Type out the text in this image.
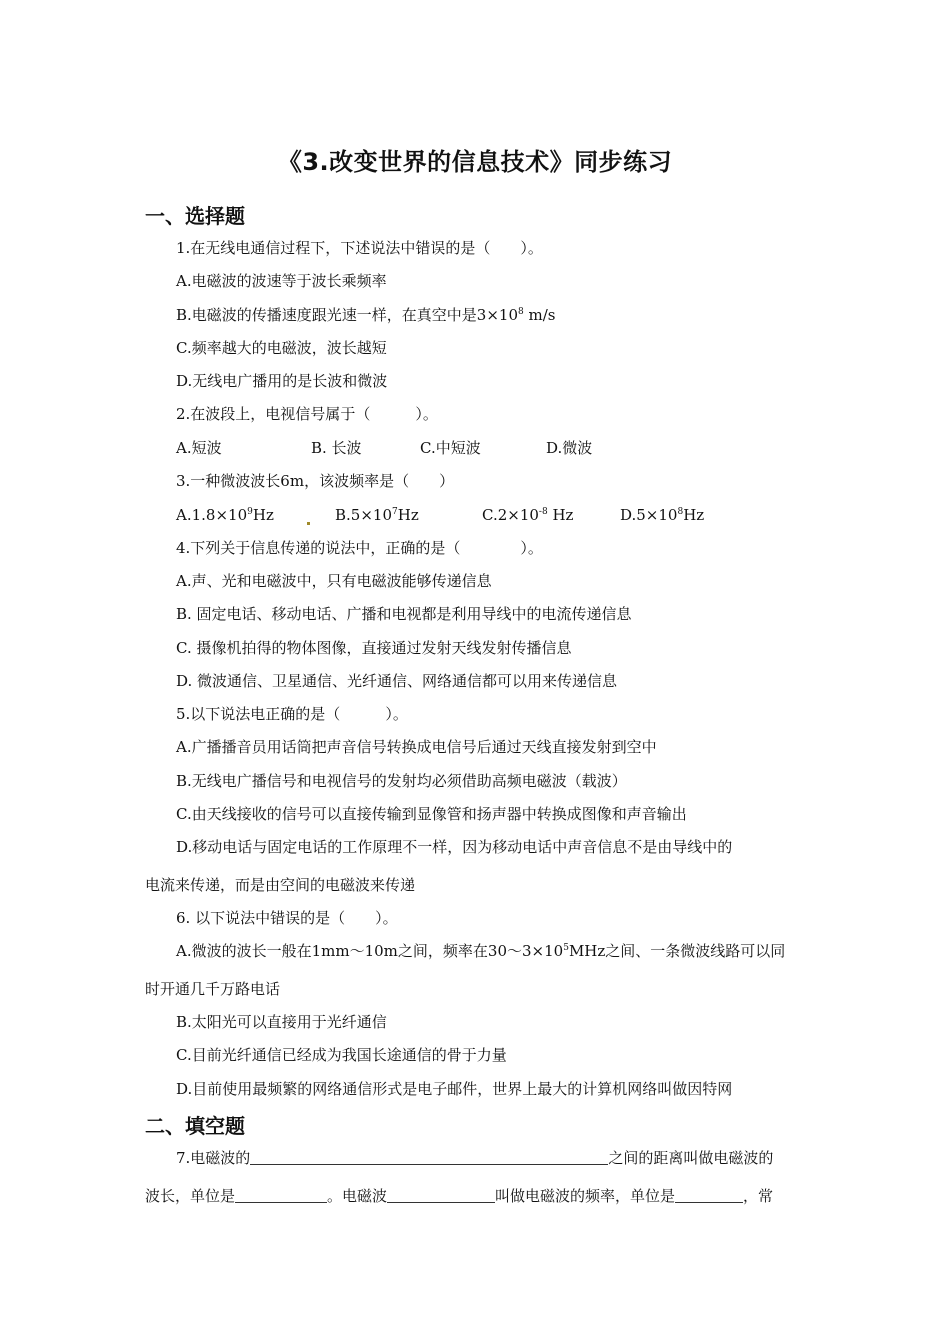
《3.改变世界的信息技术》同步练习
一、选择题
1.在无线电通信过程下，下述说法中错误的是（　　）。
A.电磁波的波速等于波长乘频率
B.电磁波的传播速度跟光速一样，在真空中是$3\times 10^8$ m/s
C.频率越大的电磁波，波长越短
D.无线电广播用的是长波和微波
2.在波段上，电视信号属于（　　　）。
A.短波	B. 长波	C.中短波	D.微波
3.一种微波波长6m，该波频率是（　　）
$A.1.8\times 10^9Hz$	$B.5\times 10^7Hz$	$C.2\times 10^{-8}$ Hz	$D.5\times 10^8Hz$
4.下列关于信息传递的说法中，正确的是（　　　　）。
A.声、光和电磁波中，只有电磁波能够传递信息
B. 固定电话、移动电话、广播和电视都是利用导线中的电流传递信息
C. 摄像机拍得的物体图像，直接通过发射天线发射传播信息
D. 微波通信、卫星通信、光纤通信、网络通信都可以用来传递信息
5.以下说法电正确的是（　　　）。
A.广播播音员用话筒把声音信号转换成电信号后通过天线直接发射到空中
B.无线电广播信号和电视信号的发射均必须借助高频电磁波（载波）
C.由天线接收的信号可以直接传输到显像管和扬声器中转换成图像和声音输出
D.移动电话与固定电话的工作原理不一样，因为移动电话中声音信息不是由导线中的
电流来传递，而是由空间的电磁波来传递
6. 以下说法中错误的是（　　）。
A.微波的波长一般在1mm～10m之间，频率在$30\sim 3\times 10^5MHz$之间、一条微波线路可以同
时开通几千万路电话
B.太阳光可以直接用于光纤通信
C.目前光纤通信已经成为我国长途通信的骨于力量
D.目前使用最频繁的网络通信形式是电子邮件，世界上最大的计算机网络叫做因特网
二、填空题
7.电磁波的	之间的距离叫做电磁波的
波长，单位是	。电磁波	叫做电磁波的频率，单位是	，常
